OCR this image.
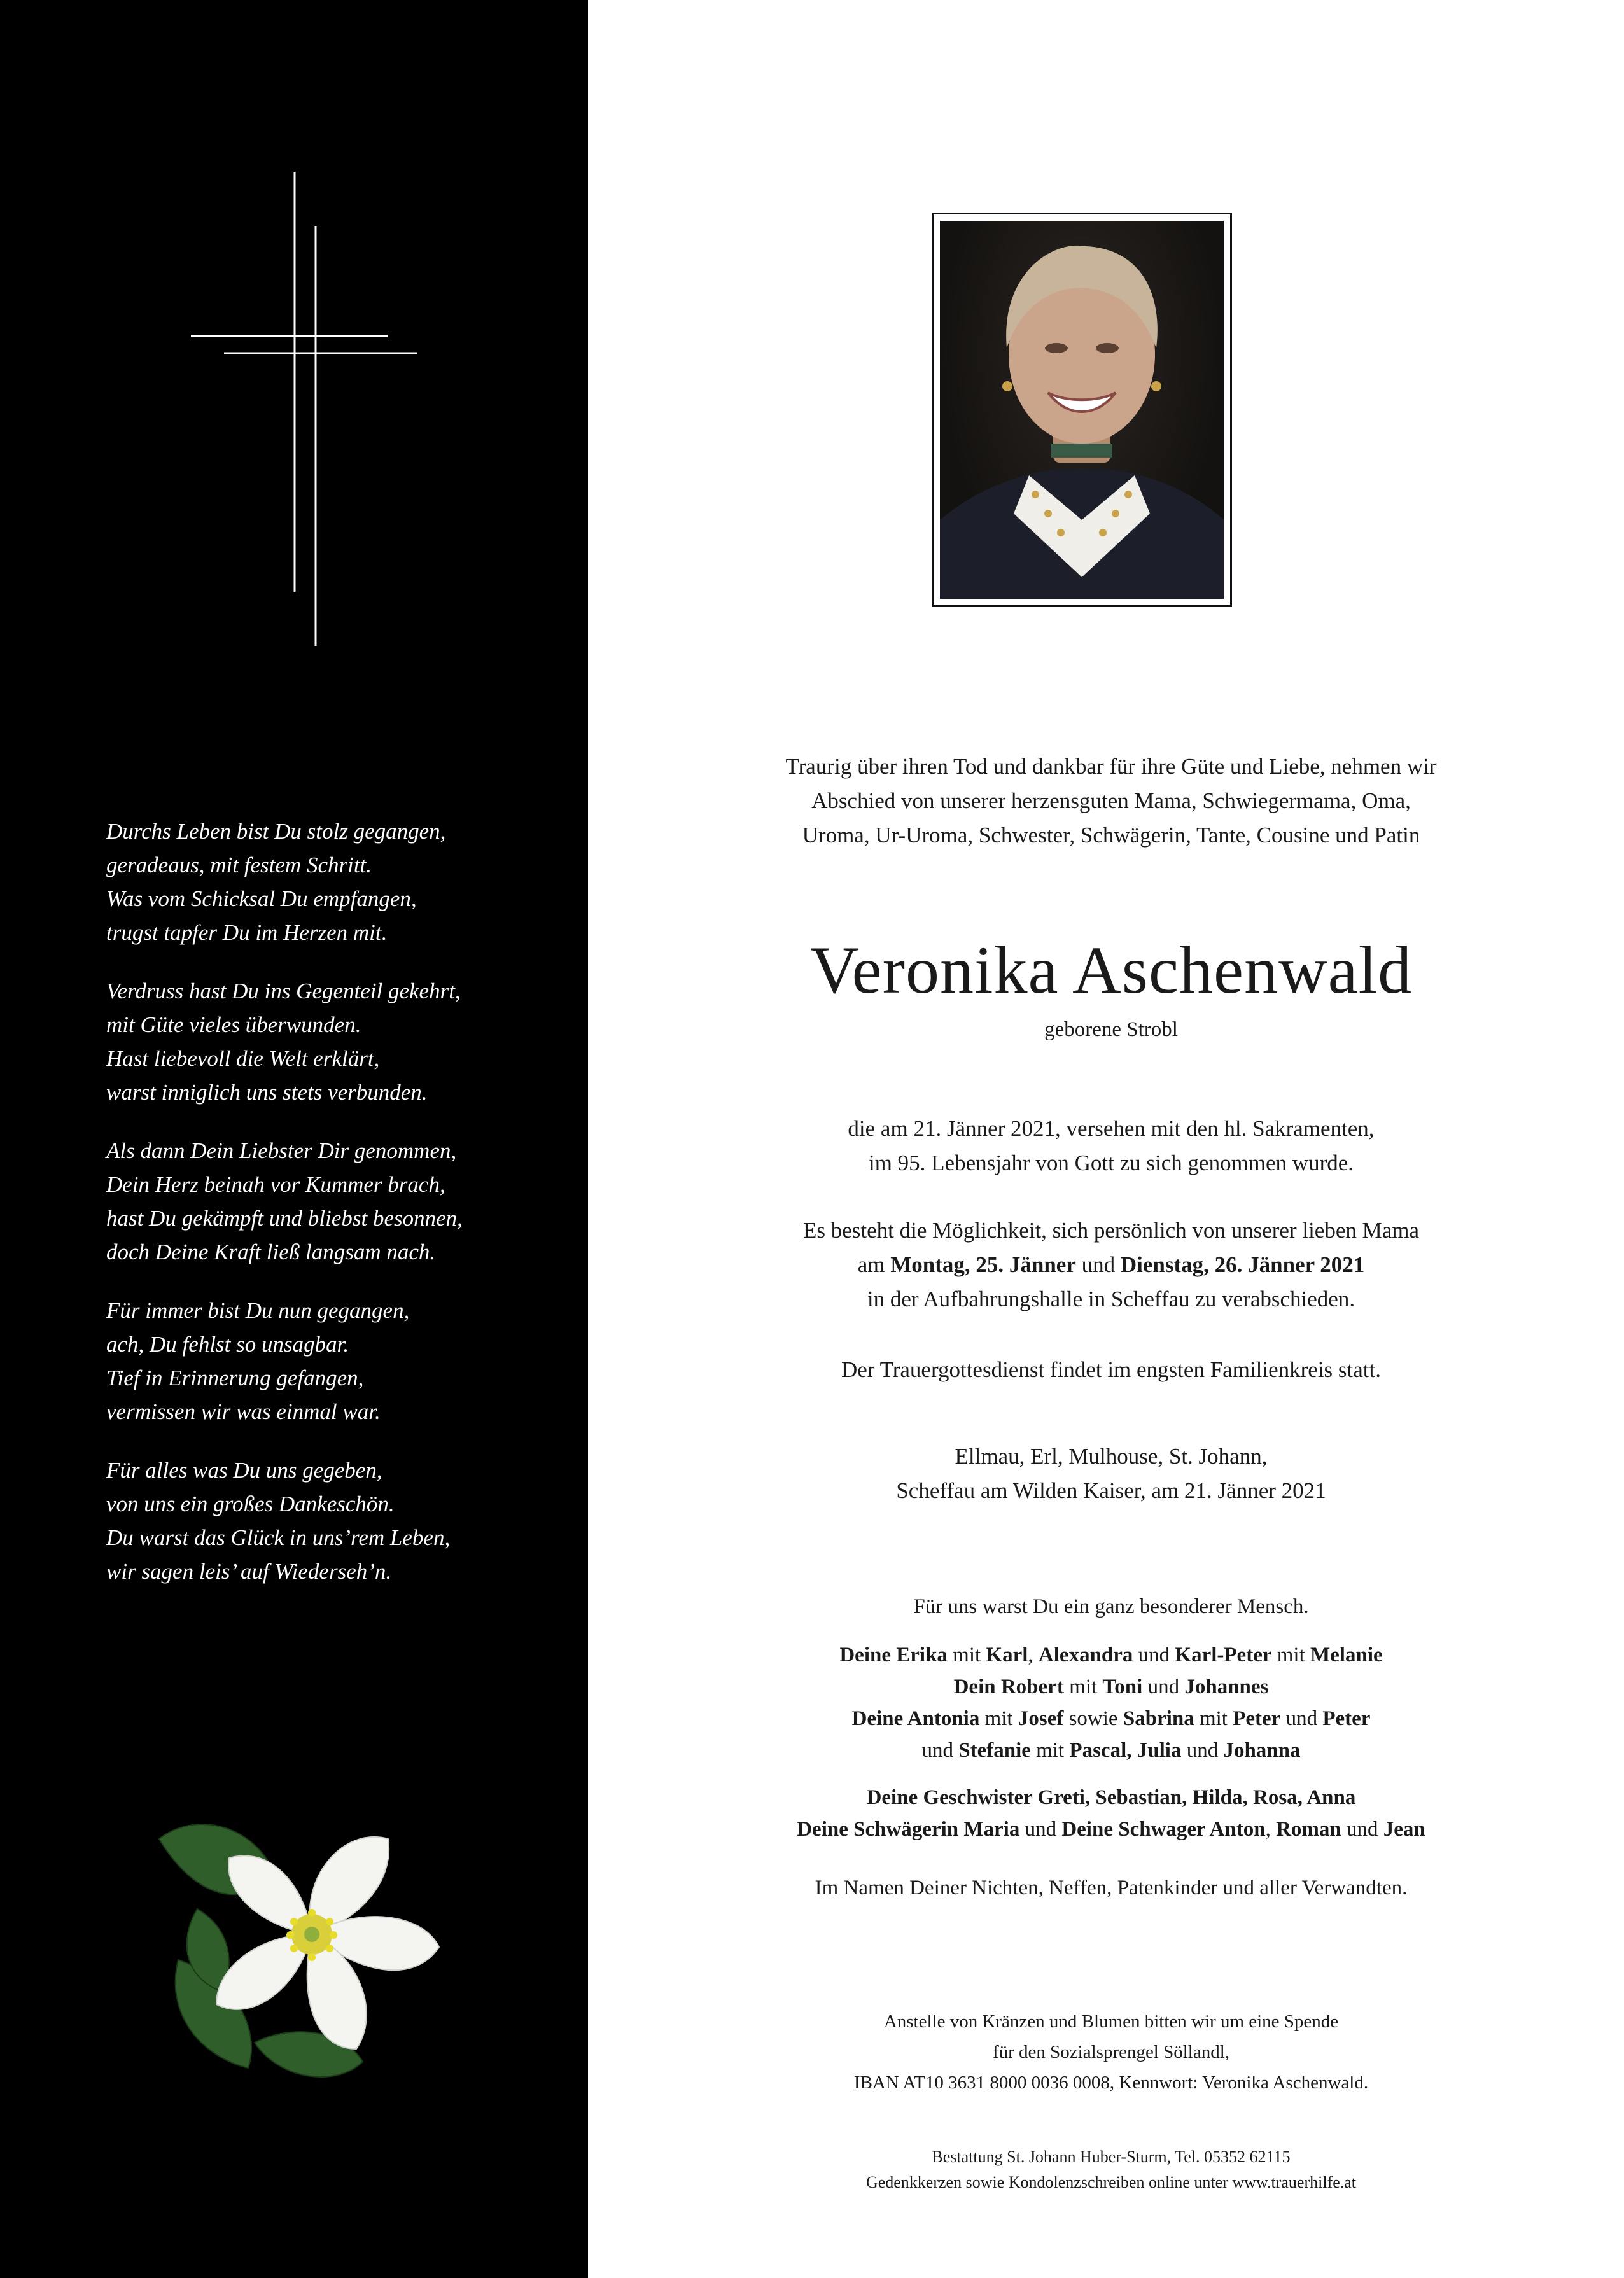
Durchs Leben bist Du stolz gegangen,
geradeaus, mit festem Schritt.
Was vom Schicksal Du empfangen,
trugst tapfer Du im Herzen mit.
Verdruss hast Du ins Gegenteil gekehrt,
mit Güte vieles überwunden.
Hast liebevoll die Welt erklärt,
warst inniglich uns stets verbunden.
Als dann Dein Liebster Dir genommen,
Dein Herz beinah vor Kummer brach,
hast Du gekämpft und bliebst besonnen,
doch Deine Kraft ließ langsam nach.
Für immer bist Du nun gegangen,
ach, Du fehlst so unsagbar.
Tief in Erinnerung gefangen,
vermissen wir was einmal war.
Für alles was Du uns gegeben,
von uns ein großes Dankeschön.
Du warst das Glück in uns’rem Leben,
wir sagen leis’ auf Wiederseh’n.
Traurig über ihren Tod und dankbar für ihre Güte und Liebe, nehmen wir
Abschied von unserer herzensguten Mama, Schwiegermama, Oma,
Uroma, Ur-Uroma, Schwester, Schwägerin, Tante, Cousine und Patin
Veronika Aschenwald
geborene Strobl
die am 21. Jänner 2021, versehen mit den hl. Sakramenten,
im 95. Lebensjahr von Gott zu sich genommen wurde.
Es besteht die Möglichkeit, sich persönlich von unserer lieben Mama
am Montag, 25. Jänner und Dienstag, 26. Jänner 2021
in der Aufbahrungshalle in Scheffau zu verabschieden.
Der Trauergottesdienst findet im engsten Familienkreis statt.
Ellmau, Erl, Mulhouse, St. Johann,
Scheffau am Wilden Kaiser, am 21. Jänner 2021
Für uns warst Du ein ganz besonderer Mensch.
Deine Erika mit Karl, Alexandra und Karl-Peter mit Melanie
Dein Robert mit Toni und Johannes
Deine Antonia mit Josef sowie Sabrina mit Peter und Peter
und Stefanie mit Pascal, Julia und Johanna
Deine Geschwister Greti, Sebastian, Hilda, Rosa, Anna
Deine Schwägerin Maria und Deine Schwager Anton, Roman und Jean
Im Namen Deiner Nichten, Neffen, Patenkinder und aller Verwandten.
Anstelle von Kränzen und Blumen bitten wir um eine Spende
für den Sozialsprengel Söllandl,
IBAN AT10 3631 8000 0036 0008, Kennwort: Veronika Aschenwald.
Bestattung St. Johann Huber-Sturm, Tel. 05352 62115
Gedenkkerzen sowie Kondolenzschreiben online unter www.trauerhilfe.at
